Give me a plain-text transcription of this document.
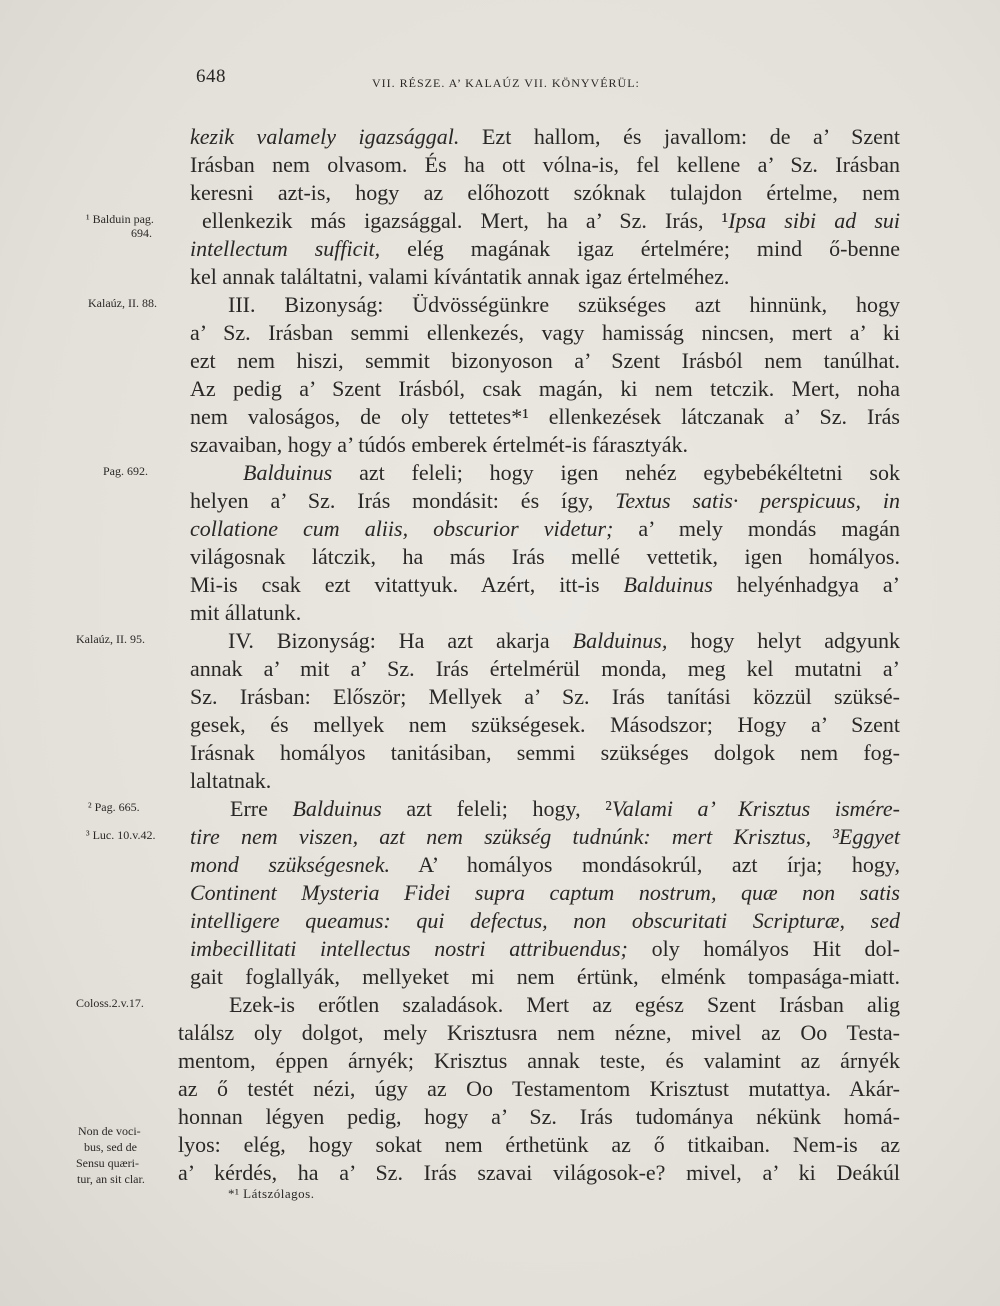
648	VII. RÉSZE. A’ KALAÚZ VII. KÖNYVÉRÜL:
kezik valamely igazsággal. Ezt hallom, és javallom: de a’ Szent
Irásban nem olvasom. És ha ott vólna-is, fel kellene a’ Sz. Irásban
keresni azt-is, hogy az előhozott szóknak tulajdon értelme, nem
ellenkezik más igazsággal. Mert, ha a’ Sz. Irás, ¹Ipsa sibi ad sui
intellectum sufficit, elég magának igaz értelmére; mind ő-benne
kel annak találtatni, valami kívántatik annak igaz értelméhez.
III. Bizonyság: Üdvösségünkre szükséges azt hinnünk, hogy
a’ Sz. Irásban semmi ellenkezés, vagy hamisság nincsen, mert a’ ki
ezt nem hiszi, semmit bizonyoson a’ Szent Irásból nem tanúlhat.
Az pedig a’ Szent Irásból, csak magán, ki nem tetczik. Mert, noha
nem valoságos, de oly tettetes*¹ ellenkezések látczanak a’ Sz. Irás
szavaiban, hogy a’ túdós emberek értelmét-is fárasztyák.
Balduinus azt feleli; hogy igen nehéz egybebékéltetni sok
helyen a’ Sz. Irás mondásit: és így, Textus satis· perspicuus, in
collatione cum aliis, obscurior videtur; a’ mely mondás magán
világosnak látczik, ha más Irás mellé vettetik, igen homályos.
Mi-is csak ezt vitattyuk. Azért, itt-is Balduinus helyénhadgya a’
mit állatunk.
IV. Bizonyság: Ha azt akarja Balduinus, hogy helyt adgyunk
annak a’ mit a’ Sz. Irás értelmérül monda, meg kel mutatni a’
Sz. Irásban: Először; Mellyek a’ Sz. Irás tanítási közzül szüksé-
gesek, és mellyek nem szükségesek. Másodszor; Hogy a’ Szent
Irásnak homályos tanitásiban, semmi szükséges dolgok nem fog-
laltatnak.
Erre Balduinus azt feleli; hogy, ²Valami a’ Krisztus ismére-
tire nem viszen, azt nem szükség tudnúnk: mert Krisztus, ³Eggyet
mond szükségesnek. A’ homályos mondásokrúl, azt írja; hogy,
Continent Mysteria Fidei supra captum nostrum, quæ non satis
intelligere queamus: qui defectus, non obscuritati Scripturæ, sed
imbecillitati intellectus nostri attribuendus; oly homályos Hit dol-
gait foglallyák, mellyeket mi nem értünk, elménk tompasága-miatt.
Ezek-is erőtlen szaladások. Mert az egész Szent Irásban alig
találsz oly dolgot, mely Krisztusra nem nézne, mivel az Oo Testa-
mentom, éppen árnyék; Krisztus annak teste, és valamint az árnyék
az ő testét nézi, úgy az Oo Testamentom Krisztust mutattya. Akár-
honnan légyen pedig, hogy a’ Sz. Irás tudománya nékünk homá-
lyos: elég, hogy sokat nem érthetünk az ő titkaiban. Nem-is az
a’ kérdés, ha a’ Sz. Irás szavai világosok-e? mivel, a’ ki Deákúl
¹ Balduin pag.
694.
Kalaúz, II. 88.
Pag. 692.
Kalaúz, II. 95.
² Pag. 665.
³ Luc. 10.v.42.
Coloss.2.v.17.
Non de voci-
bus, sed de
Sensu quæri-
tur, an sit clar.
*¹ Látszólagos.
